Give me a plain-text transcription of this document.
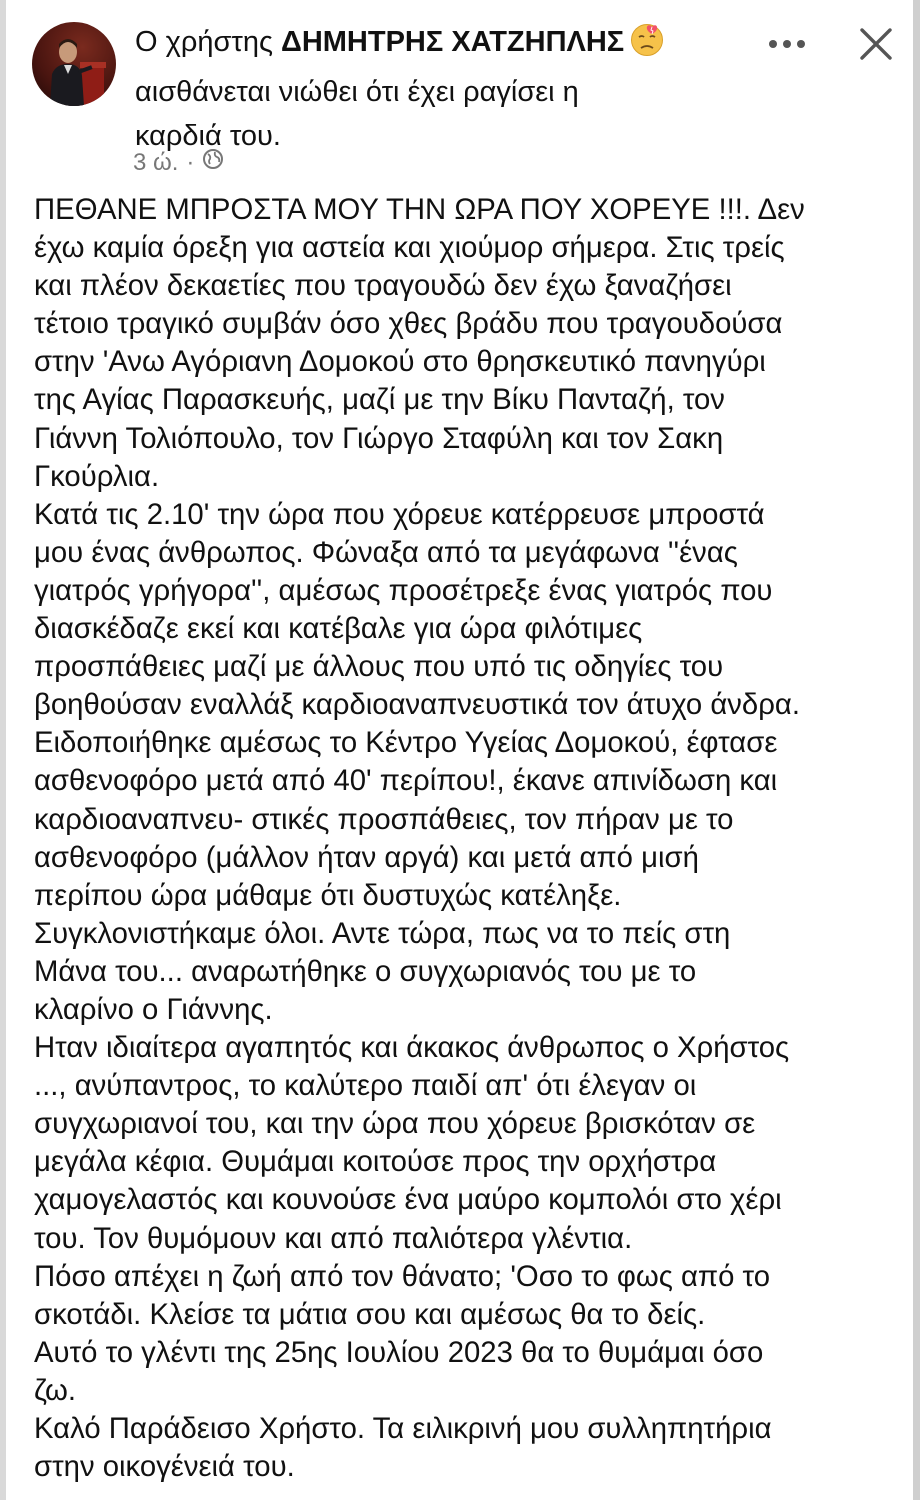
Ο χρήστης ΔΗΜΗΤΡΗΣ ΧΑΤΖΗΠΛΗΣ
αισθάνεται νιώθει ότι έχει ραγίσει η
καρδιά του.
3 ώ. ·
ΠΕΘΑΝΕ ΜΠΡΟΣΤΑ ΜΟΥ ΤΗΝ ΩΡΑ ΠΟΥ ΧΟΡΕΥΕ !!!. Δεν
έχω καμία όρεξη για αστεία και χιούμορ σήμερα. Στις τρείς
και πλέον δεκαετίες που τραγουδώ δεν έχω ξαναζήσει
τέτοιο τραγικό συμβάν όσο χθες βράδυ που τραγουδούσα
στην 'Ανω Αγόριανη Δομοκού στο θρησκευτικό πανηγύρι
της Αγίας Παρασκευής, μαζί με την Βίκυ Πανταζή, τον
Γιάννη Τολιόπουλο, τον Γιώργο Σταφύλη και τον Σακη
Γκούρλια.
Κατά τις 2.10' την ώρα που χόρευε κατέρρευσε μπροστά
μου ένας άνθρωπος. Φώναξα από τα μεγάφωνα ''ένας
γιατρός γρήγορα'', αμέσως προσέτρεξε ένας γιατρός που
διασκέδαζε εκεί και κατέβαλε για ώρα φιλότιμες
προσπάθειες μαζί με άλλους που υπό τις οδηγίες του
βοηθούσαν εναλλάξ καρδιοαναπνευστικά τον άτυχο άνδρα.
Ειδοποιήθηκε αμέσως το Κέντρο Υγείας Δομοκού, έφτασε
ασθενοφόρο μετά από 40' περίπου!, έκανε απινίδωση και
καρδιοαναπνευ- στικές προσπάθειες, τον πήραν με το
ασθενοφόρο (μάλλον ήταν αργά) και μετά από μισή
περίπου ώρα μάθαμε ότι δυστυχώς κατέληξε.
Συγκλονιστήκαμε όλοι. Αντε τώρα, πως να το πείς στη
Μάνα του... αναρωτήθηκε ο συγχωριανός του με το
κλαρίνο ο Γιάννης.
Ηταν ιδιαίτερα αγαπητός και άκακος άνθρωπος ο Χρήστος
..., ανύπαντρος, το καλύτερο παιδί απ' ότι έλεγαν οι
συγχωριανοί του, και την ώρα που χόρευε βρισκόταν σε
μεγάλα κέφια. Θυμάμαι κοιτούσε προς την ορχήστρα
χαμογελαστός και κουνούσε ένα μαύρο κομπολόι στο χέρι
του. Τον θυμόμουν και από παλιότερα γλέντια.
Πόσο απέχει η ζωή από τον θάνατο; 'Οσο το φως από το
σκοτάδι. Κλείσε τα μάτια σου και αμέσως θα το δείς.
Αυτό το γλέντι της 25ης Ιουλίου 2023 θα το θυμάμαι όσο
ζω.
Καλό Παράδεισο Χρήστο. Τα ειλικρινή μου συλληπητήρια
στην οικογένειά του.
